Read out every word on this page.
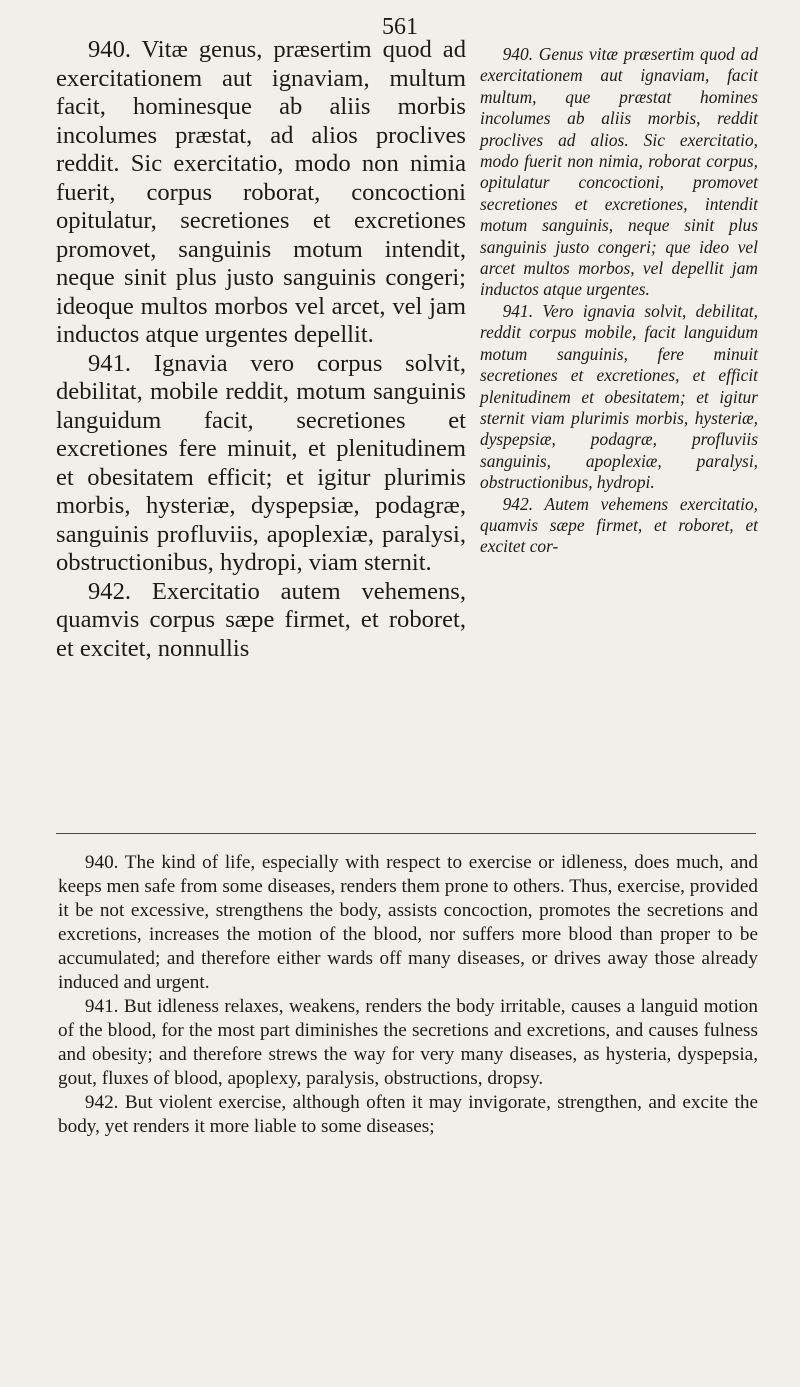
561

940. Vitæ genus, præsertim quod ad exercitationem aut ignaviam, multum facit, hominesque ab aliis morbis incolumes præstat, ad alios proclives reddit. Sic exercitatio, modo non nimia fuerit, corpus roborat, concoctioni opitulatur, secretiones et excretiones promovet, sanguinis motum intendit, neque sinit plus justo sanguinis congeri; ideoque multos morbos vel arcet, vel jam inductos atque urgentes depellit.

941. Ignavia vero corpus solvit, debilitat, mobile reddit, motum sanguinis languidum facit, secretiones et excretiones fere minuit, et plenitudinem et obesitatem efficit; et igitur plurimis morbis, hysteriæ, dyspepsiæ, podagræ, sanguinis profluviis, apoplexiæ, paralysi, obstructionibus, hydropi, viam sternit.

942. Exercitatio autem vehemens, quamvis corpus sæpe firmet, et roboret, et excitet, nonnullis

940. Genus vitæ præsertim quod ad exercitationem aut ignaviam, facit multum, que præstat homines incolumes ab aliis morbis, reddit proclives ad alios. Sic exercitatio, modo fuerit non nimia, roborat corpus, opitulatur concoctioni, promovet secretiones et excretiones, intendit motum sanguinis, neque sinit plus sanguinis justo congeri; que ideo vel arcet multos morbos, vel depellit jam inductos atque urgentes.

941. Vero ignavia solvit, debilitat, reddit corpus mobile, facit languidum motum sanguinis, fere minuit secretiones et excretiones, et efficit plenitudinem et obesitatem; et igitur sternit viam plurimis morbis, hysteriæ, dyspepsiæ, podagræ, profluviis sanguinis, apoplexiæ, paralysi, obstructionibus, hydropi.

942. Autem vehemens exercitatio, quamvis sæpe firmet, et roboret, et excitet cor-

940. The kind of life, especially with respect to exercise or idleness, does much, and keeps men safe from some diseases, renders them prone to others. Thus, exercise, provided it be not excessive, strengthens the body, assists concoction, promotes the secretions and excretions, increases the motion of the blood, nor suffers more blood than proper to be accumulated; and therefore either wards off many diseases, or drives away those already induced and urgent.

941. But idleness relaxes, weakens, renders the body irritable, causes a languid motion of the blood, for the most part diminishes the secretions and excretions, and causes fulness and obesity; and therefore strews the way for very many diseases, as hysteria, dyspepsia, gout, fluxes of blood, apoplexy, paralysis, obstructions, dropsy.

942. But violent exercise, although often it may invigorate, strengthen, and excite the body, yet renders it more liable to some diseases;
